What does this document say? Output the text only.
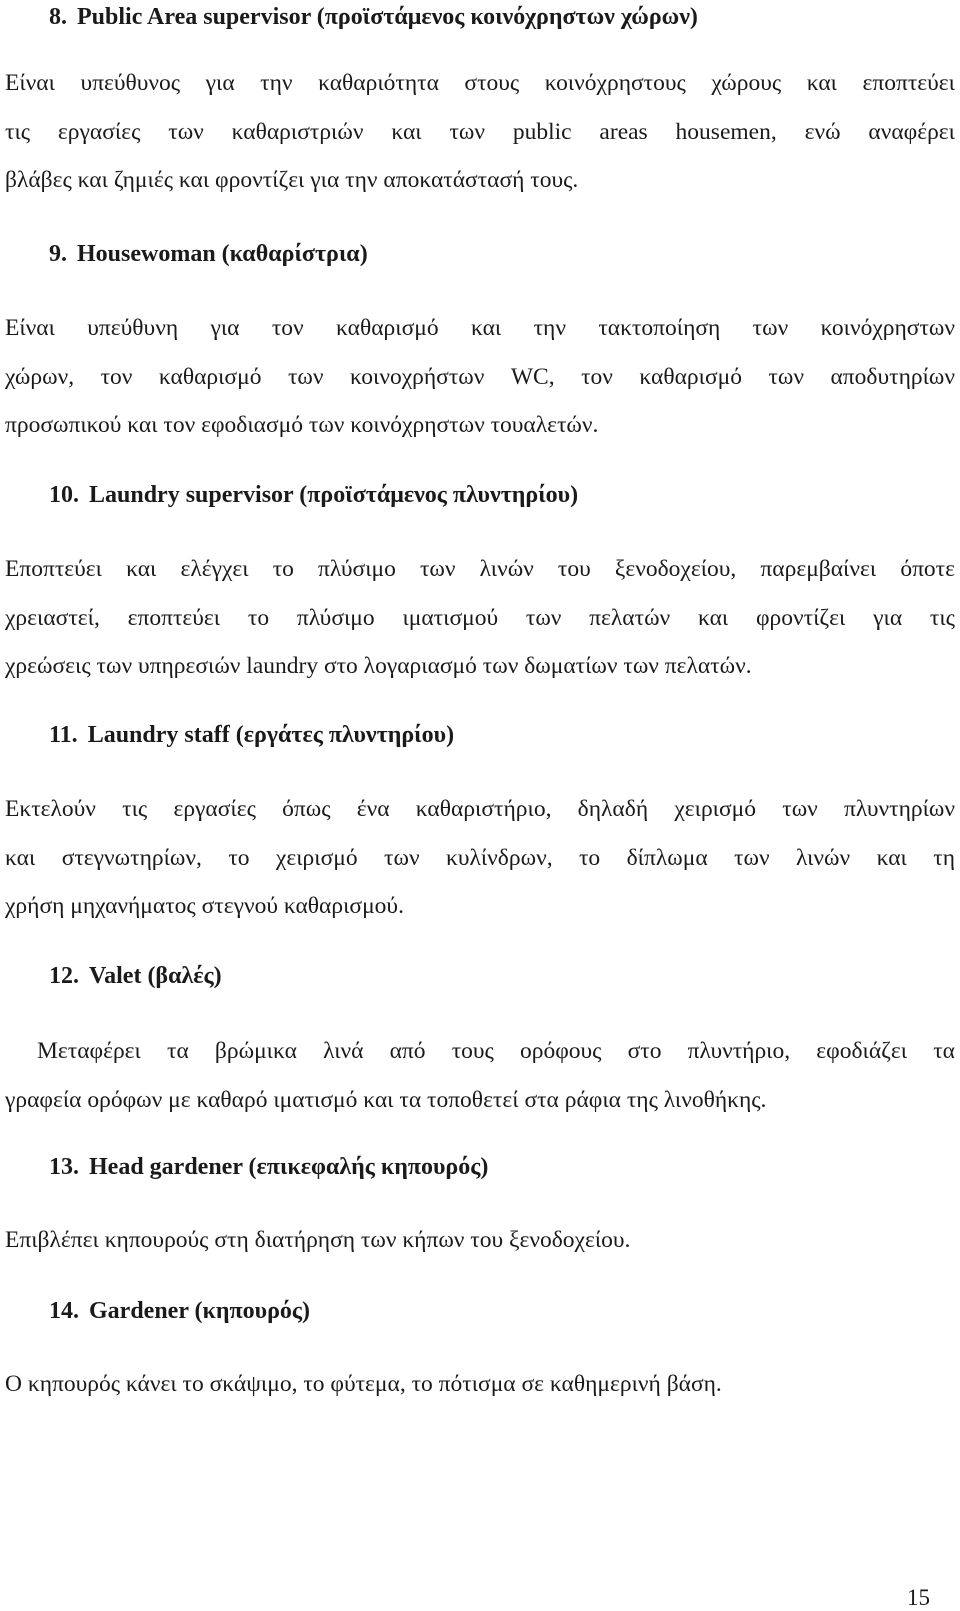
8. Public Area supervisor (προϊστάμενος κοινόχρηστων χώρων)
Είναι υπεύθυνος για την καθαριότητα στους κοινόχρηστους χώρους και εποπτεύει
τις εργασίες των καθαριστριών και των public areas housemen, ενώ αναφέρει
βλάβες και ζημιές και φροντίζει για την αποκατάστασή τους.
9. Housewoman (καθαρίστρια)
Είναι υπεύθυνη για τον καθαρισμό και την τακτοποίηση των κοινόχρηστων
χώρων, τον καθαρισμό των κοινοχρήστων WC, τον καθαρισμό των αποδυτηρίων
προσωπικού και τον εφοδιασμό των κοινόχρηστων τουαλετών.
10. Laundry supervisor (προϊστάμενος πλυντηρίου)
Εποπτεύει και ελέγχει το πλύσιμο των λινών του ξενοδοχείου, παρεμβαίνει όποτε
χρειαστεί, εποπτεύει το πλύσιμο ιματισμού των πελατών και φροντίζει για τις
χρεώσεις των υπηρεσιών laundry στο λογαριασμό των δωματίων των πελατών.
11. Laundry staff (εργάτες πλυντηρίου)
Εκτελούν τις εργασίες όπως ένα καθαριστήριο, δηλαδή χειρισμό των πλυντηρίων
και στεγνωτηρίων, το χειρισμό των κυλίνδρων, το δίπλωμα των λινών και τη
χρήση μηχανήματος στεγνού καθαρισμού.
12. Valet (βαλές)
Μεταφέρει τα βρώμικα λινά από τους ορόφους στο πλυντήριο, εφοδιάζει τα
γραφεία ορόφων με καθαρό ιματισμό και τα τοποθετεί στα ράφια της λινοθήκης.
13. Head gardener (επικεφαλής κηπουρός)
Επιβλέπει κηπουρούς στη διατήρηση των κήπων του ξενοδοχείου.
14. Gardener (κηπουρός)
Ο κηπουρός κάνει το σκάψιμο, το φύτεμα, το πότισμα σε καθημερινή βάση.
15
